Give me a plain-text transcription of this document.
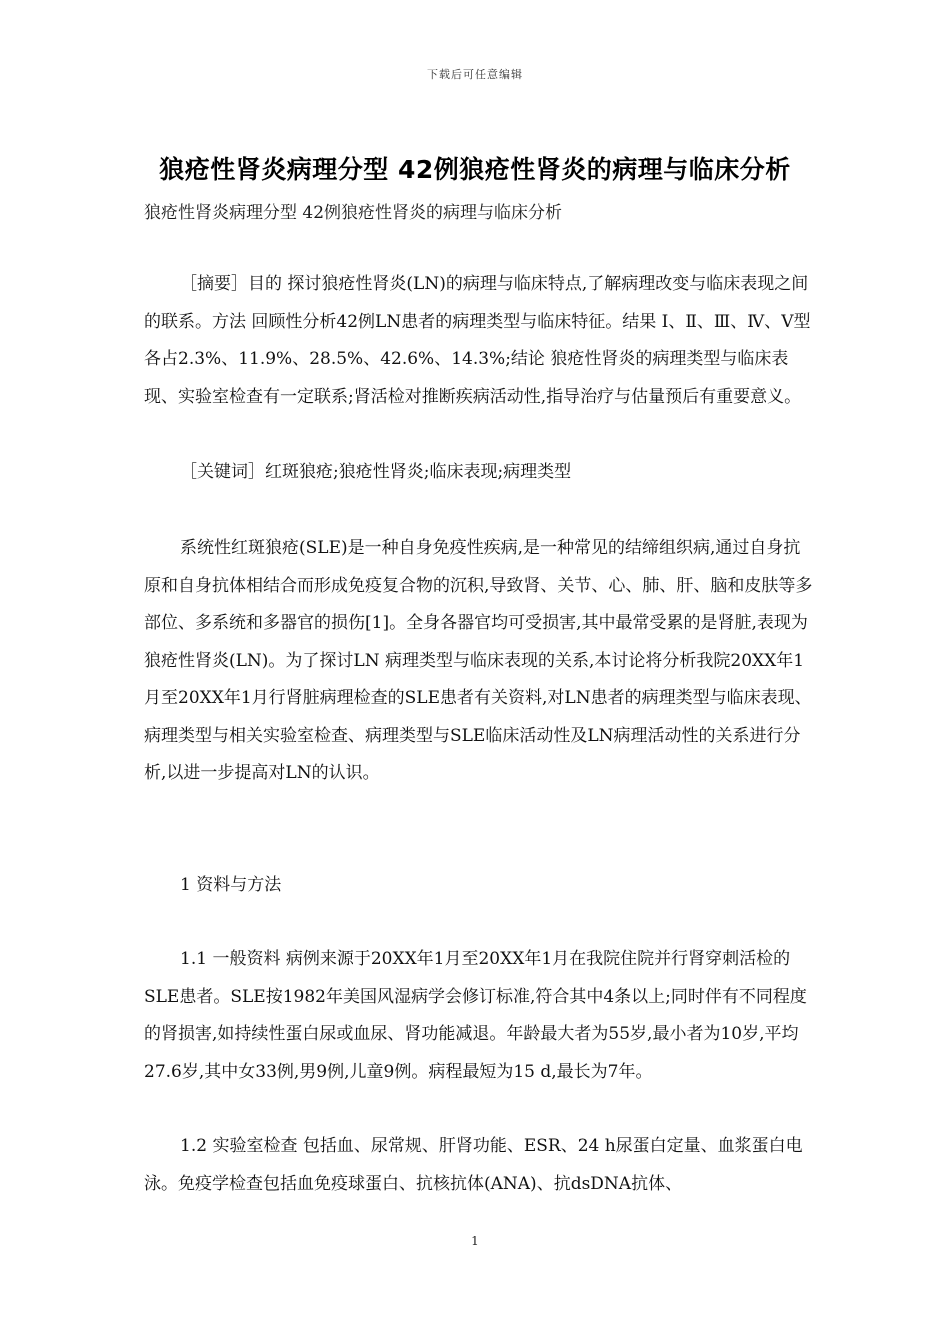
下载后可任意编辑
狼疮性肾炎病理分型 42例狼疮性肾炎的病理与临床分析
狼疮性肾炎病理分型 42例狼疮性肾炎的病理与临床分析

［摘要］目的 探讨狼疮性肾炎(LN)的病理与临床特点,了解病理改变与临床表现之间的联系。方法 回顾性分析42例LN患者的病理类型与临床特征。结果 Ⅰ、Ⅱ、Ⅲ、Ⅳ、Ⅴ型各占2.3%、11.9%、28.5%、42.6%、14.3%;结论 狼疮性肾炎的病理类型与临床表现、实验室检查有一定联系;肾活检对推断疾病活动性,指导治疗与估量预后有重要意义。

［关键词］红斑狼疮;狼疮性肾炎;临床表现;病理类型

系统性红斑狼疮(SLE)是一种自身免疫性疾病,是一种常见的结缔组织病,通过自身抗原和自身抗体相结合而形成免疫复合物的沉积,导致肾、关节、心、肺、肝、脑和皮肤等多部位、多系统和多器官的损伤[1]。全身各器官均可受损害,其中最常受累的是肾脏,表现为狼疮性肾炎(LN)。为了探讨LN 病理类型与临床表现的关系,本讨论将分析我院20XX年1月至20XX年1月行肾脏病理检查的SLE患者有关资料,对LN患者的病理类型与临床表现、病理类型与相关实验室检查、病理类型与SLE临床活动性及LN病理活动性的关系进行分析,以进一步提高对LN的认识。

1 资料与方法

1.1 一般资料 病例来源于20XX年1月至20XX年1月在我院住院并行肾穿刺活检的SLE患者。SLE按1982年美国风湿病学会修订标准,符合其中4条以上;同时伴有不同程度的肾损害,如持续性蛋白尿或血尿、肾功能减退。年龄最大者为55岁,最小者为10岁,平均27.6岁,其中女33例,男9例,儿童9例。病程最短为15 d,最长为7年。

1.2 实验室检查 包括血、尿常规、肝肾功能、ESR、24 h尿蛋白定量、血浆蛋白电泳。免疫学检查包括血免疫球蛋白、抗核抗体(ANA)、抗dsDNA抗体、

1
